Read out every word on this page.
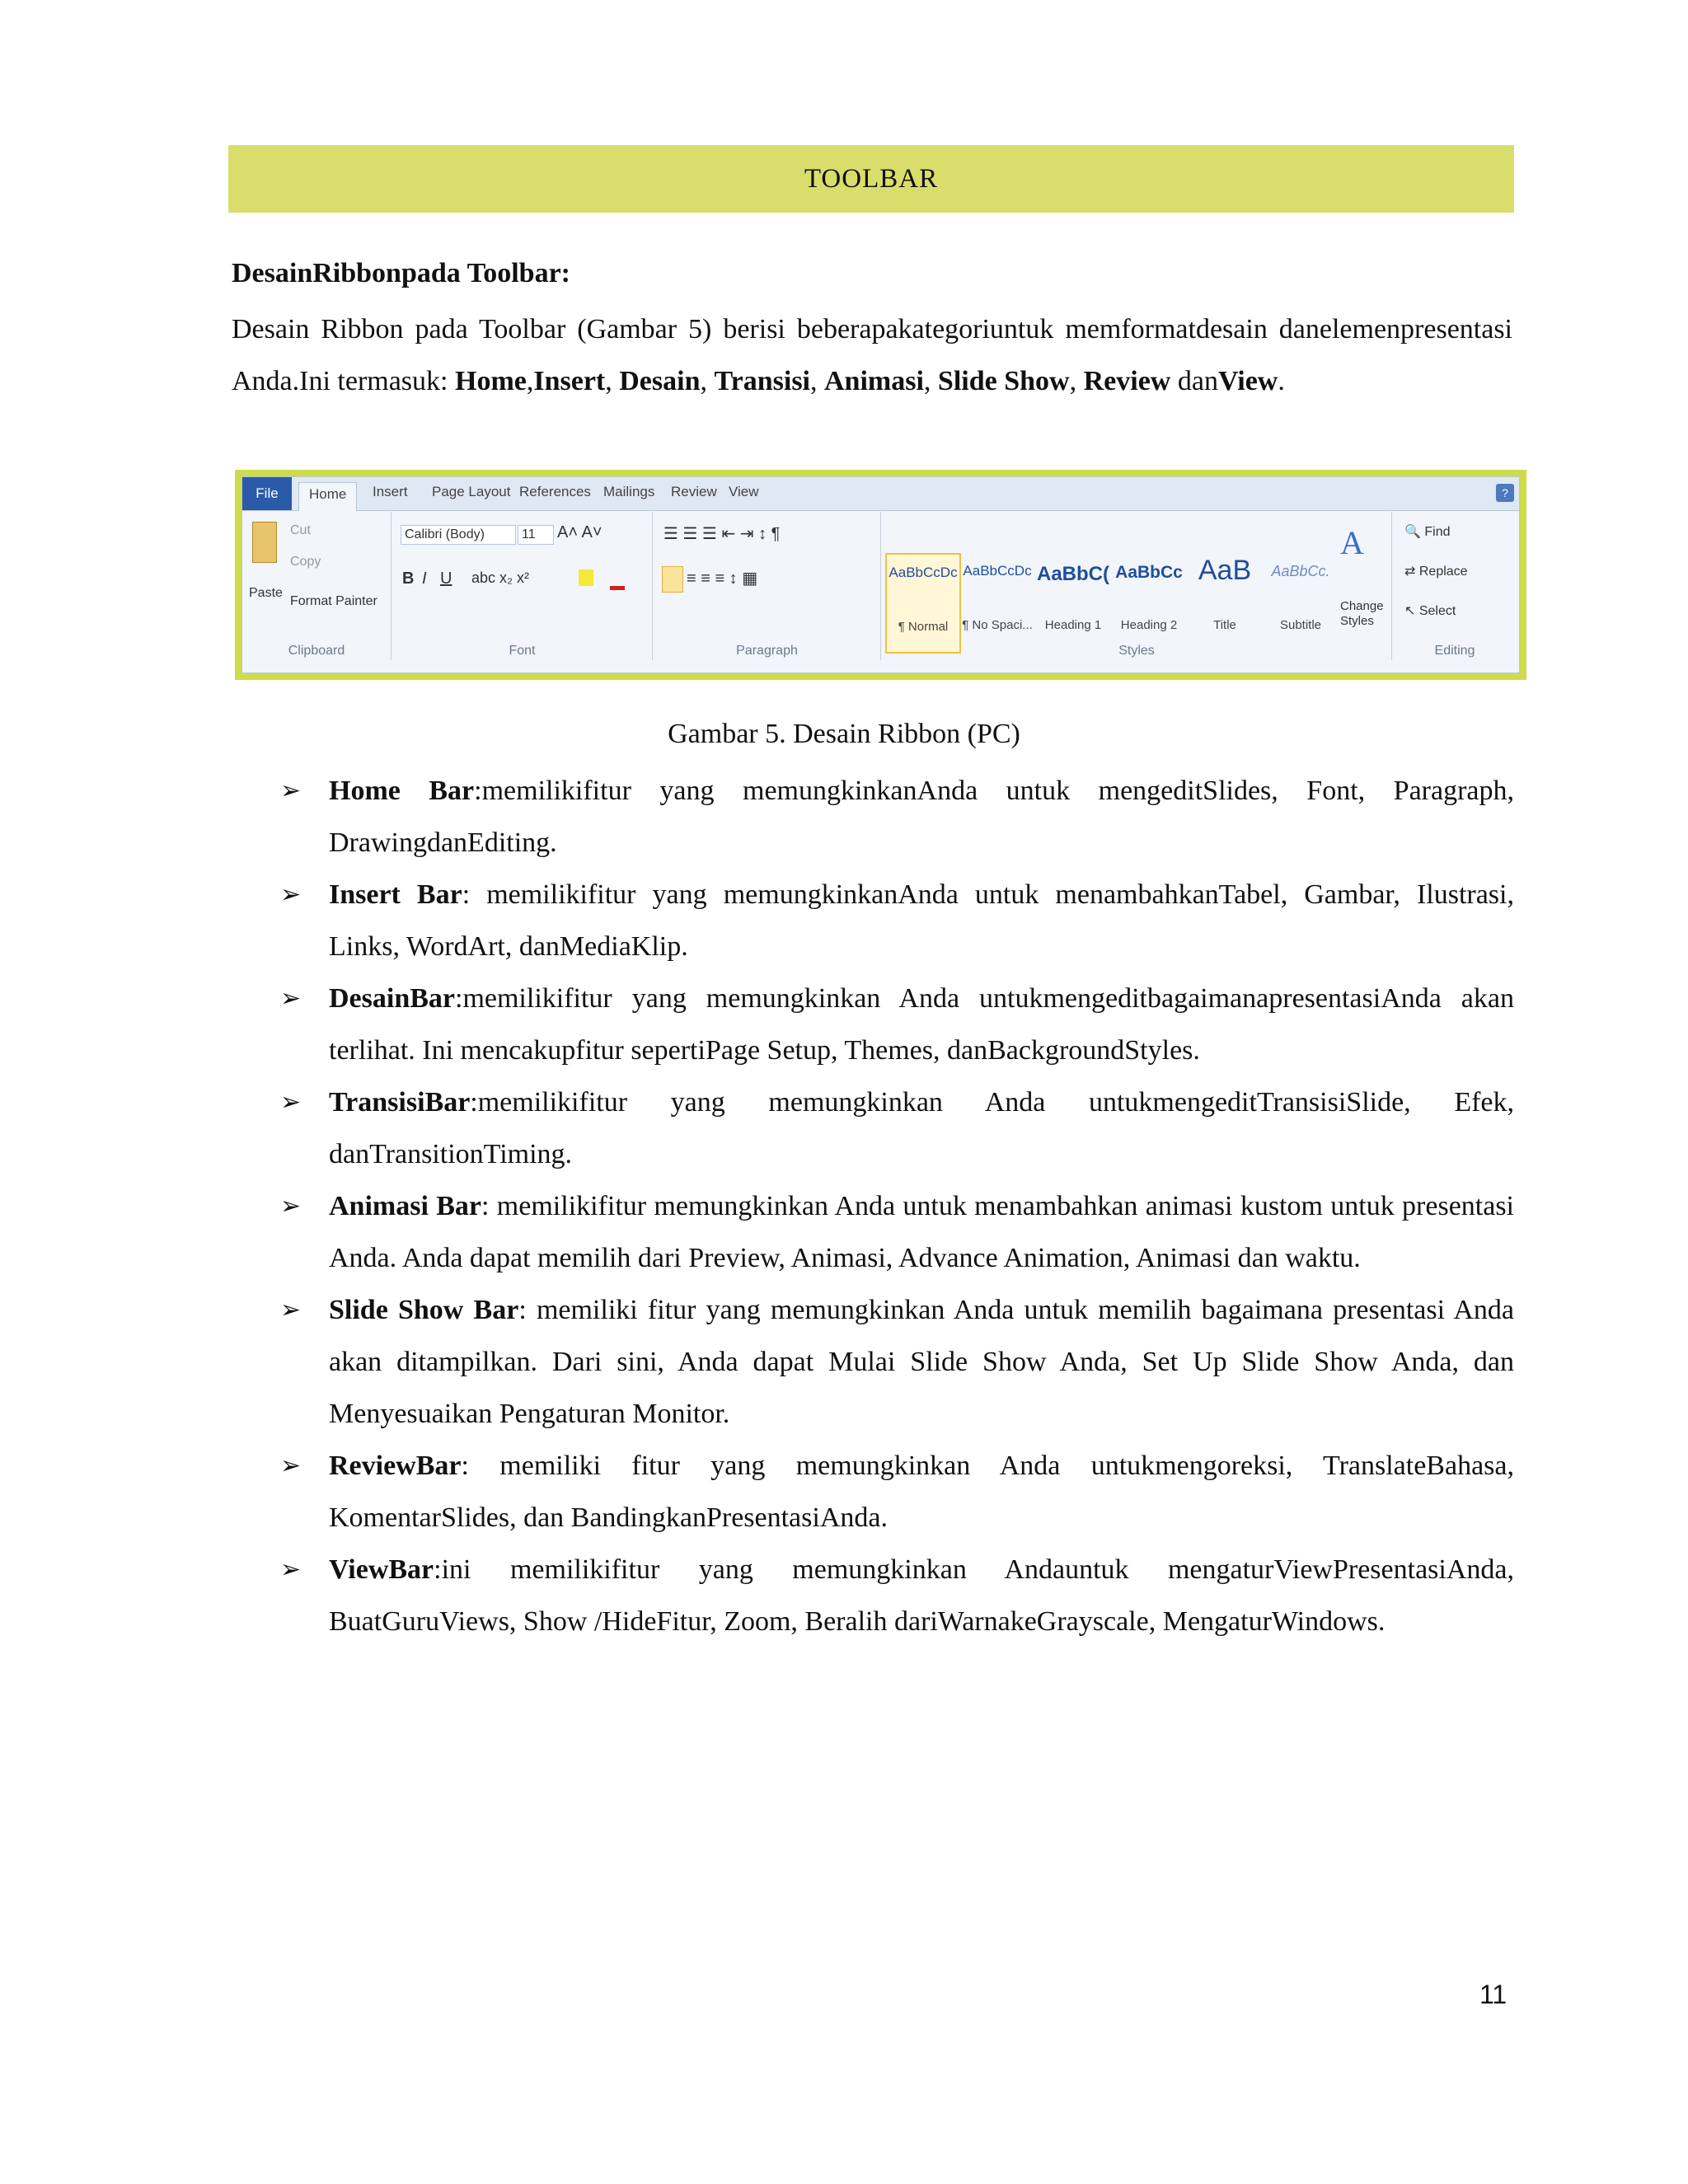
TOOLBAR
DesainRibbonpada Toolbar:
Desain Ribbon pada Toolbar (Gambar 5) berisi beberapakategoriuntuk memformatdesain danelemenpresentasi Anda.Ini termasuk: Home,Insert, Desain, Transisi, Animasi, Slide Show, Review danView.
File	Home	Insert Page Layout References Mailings Review View	?
Paste
Cut
Copy
Format Painter
Clipboard
Calibri (Body)	11	A˄ A˅
B I U abc x₂ x²
Font
☰ ☰ ☰ ⇤ ⇥ ↕ ¶
≡ ≡ ≡ ↕ ▦
Paragraph
AaBbCcDc
¶ Normal
AaBbCcDc
¶ No Spaci...
AaBbC(
Heading 1
AaBbCc
Heading 2
AaB
Title
AaBbCc.
Subtitle
A
Change Styles
Styles
🔍 Find
⇄ Replace
↖ Select
Editing
Gambar 5. Desain Ribbon (PC)
➢ Home Bar:memilikifitur yang memungkinkanAnda untuk mengeditSlides, Font, Paragraph, DrawingdanEditing.
➢ Insert Bar: memilikifitur yang memungkinkanAnda untuk menambahkanTabel, Gambar, Ilustrasi, Links, WordArt, danMediaKlip.
➢ DesainBar:memilikifitur yang memungkinkan Anda untukmengeditbagaimanapresentasiAnda akan terlihat. Ini mencakupfitur sepertiPage Setup, Themes, danBackgroundStyles.
➢ TransisiBar:memilikifitur yang memungkinkan Anda untukmengeditTransisiSlide, Efek, danTransitionTiming.
➢ Animasi Bar: memilikifitur memungkinkan Anda untuk menambahkan animasi kustom untuk presentasi Anda. Anda dapat memilih dari Preview, Animasi, Advance Animation, Animasi dan waktu.
➢ Slide Show Bar: memiliki fitur yang memungkinkan Anda untuk memilih bagaimana presentasi Anda akan ditampilkan. Dari sini, Anda dapat Mulai Slide Show Anda, Set Up Slide Show Anda, dan Menyesuaikan Pengaturan Monitor.
➢ ReviewBar: memiliki fitur yang memungkinkan Anda untukmengoreksi, TranslateBahasa, KomentarSlides, dan BandingkanPresentasiAnda.
➢ ViewBar:ini memilikifitur yang memungkinkan Andauntuk mengaturViewPresentasiAnda, BuatGuruViews, Show /HideFitur, Zoom, Beralih dariWarnakeGrayscale, MengaturWindows.
11
